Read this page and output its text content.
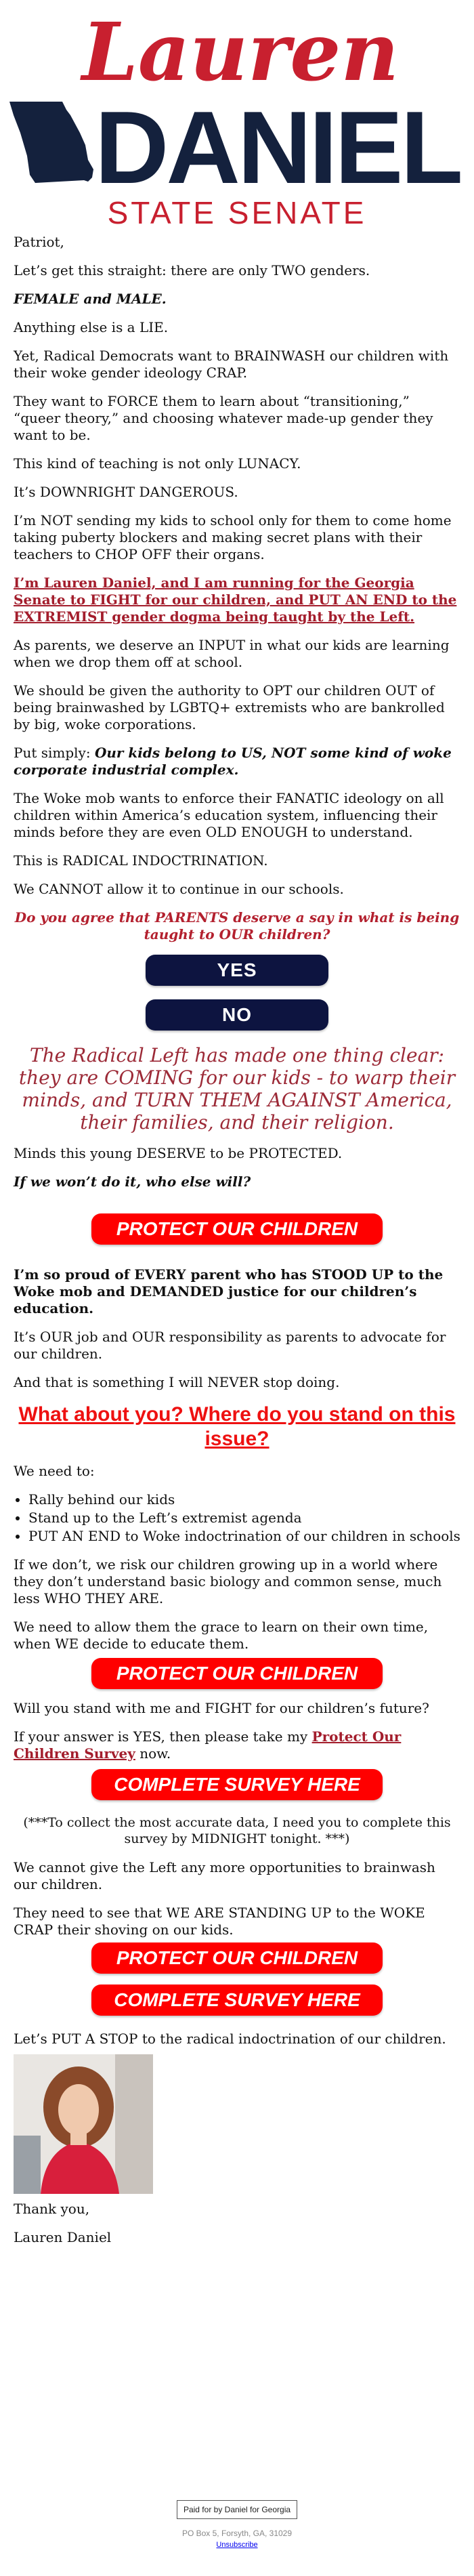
Lauren
DANIEL
STATE SENATE

Patriot,

Let’s get this straight: there are only TWO genders.

FEMALE and MALE.

Anything else is a LIE.

Yet, Radical Democrats want to BRAINWASH our children with their woke gender ideology CRAP.

They want to FORCE them to learn about “transitioning,” “queer theory,” and choosing whatever made-up gender they want to be.

This kind of teaching is not only LUNACY.

It’s DOWNRIGHT DANGEROUS.

I’m NOT sending my kids to school only for them to come home taking puberty blockers and making secret plans with their teachers to CHOP OFF their organs.

I’m Lauren Daniel, and I am running for the Georgia Senate to FIGHT for our children, and PUT AN END to the EXTREMIST gender dogma being taught by the Left.

As parents, we deserve an INPUT in what our kids are learning when we drop them off at school.

We should be given the authority to OPT our children OUT of being brainwashed by LGBTQ+ extremists who are bankrolled by big, woke corporations.

Put simply: Our kids belong to US, NOT some kind of woke corporate industrial complex.

The Woke mob wants to enforce their FANATIC ideology on all children within America’s education system, influencing their minds before they are even OLD ENOUGH to understand.

This is RADICAL INDOCTRINATION.

We CANNOT allow it to continue in our schools.

Do you agree that PARENTS deserve a say in what is being taught to OUR children?

YES
NO

The Radical Left has made one thing clear: they are COMING for our kids - to warp their minds, and TURN THEM AGAINST America, their families, and their religion.

Minds this young DESERVE to be PROTECTED.

If we won’t do it, who else will?

PROTECT OUR CHILDREN

I’m so proud of EVERY parent who has STOOD UP to the Woke mob and DEMANDED justice for our children’s education.

It’s OUR job and OUR responsibility as parents to advocate for our children.

And that is something I will NEVER stop doing.

What about you? Where do you stand on this issue?

We need to:

• Rally behind our kids
• Stand up to the Left’s extremist agenda
• PUT AN END to Woke indoctrination of our children in schools

If we don’t, we risk our children growing up in a world where they don’t understand basic biology and common sense, much less WHO THEY ARE.

We need to allow them the grace to learn on their own time, when WE decide to educate them.

PROTECT OUR CHILDREN

Will you stand with me and FIGHT for our children’s future?

If your answer is YES, then please take my Protect Our Children Survey now.

COMPLETE SURVEY HERE

(***To collect the most accurate data, I need you to complete this survey by MIDNIGHT tonight. ***)

We cannot give the Left any more opportunities to brainwash our children.

They need to see that WE ARE STANDING UP to the WOKE CRAP their shoving on our kids.

PROTECT OUR CHILDREN
COMPLETE SURVEY HERE

Let’s PUT A STOP to the radical indoctrination of our children.

Thank you,

Lauren Daniel

Paid for by Daniel for Georgia
PO Box 5, Forsyth, GA, 31029
Unsubscribe
